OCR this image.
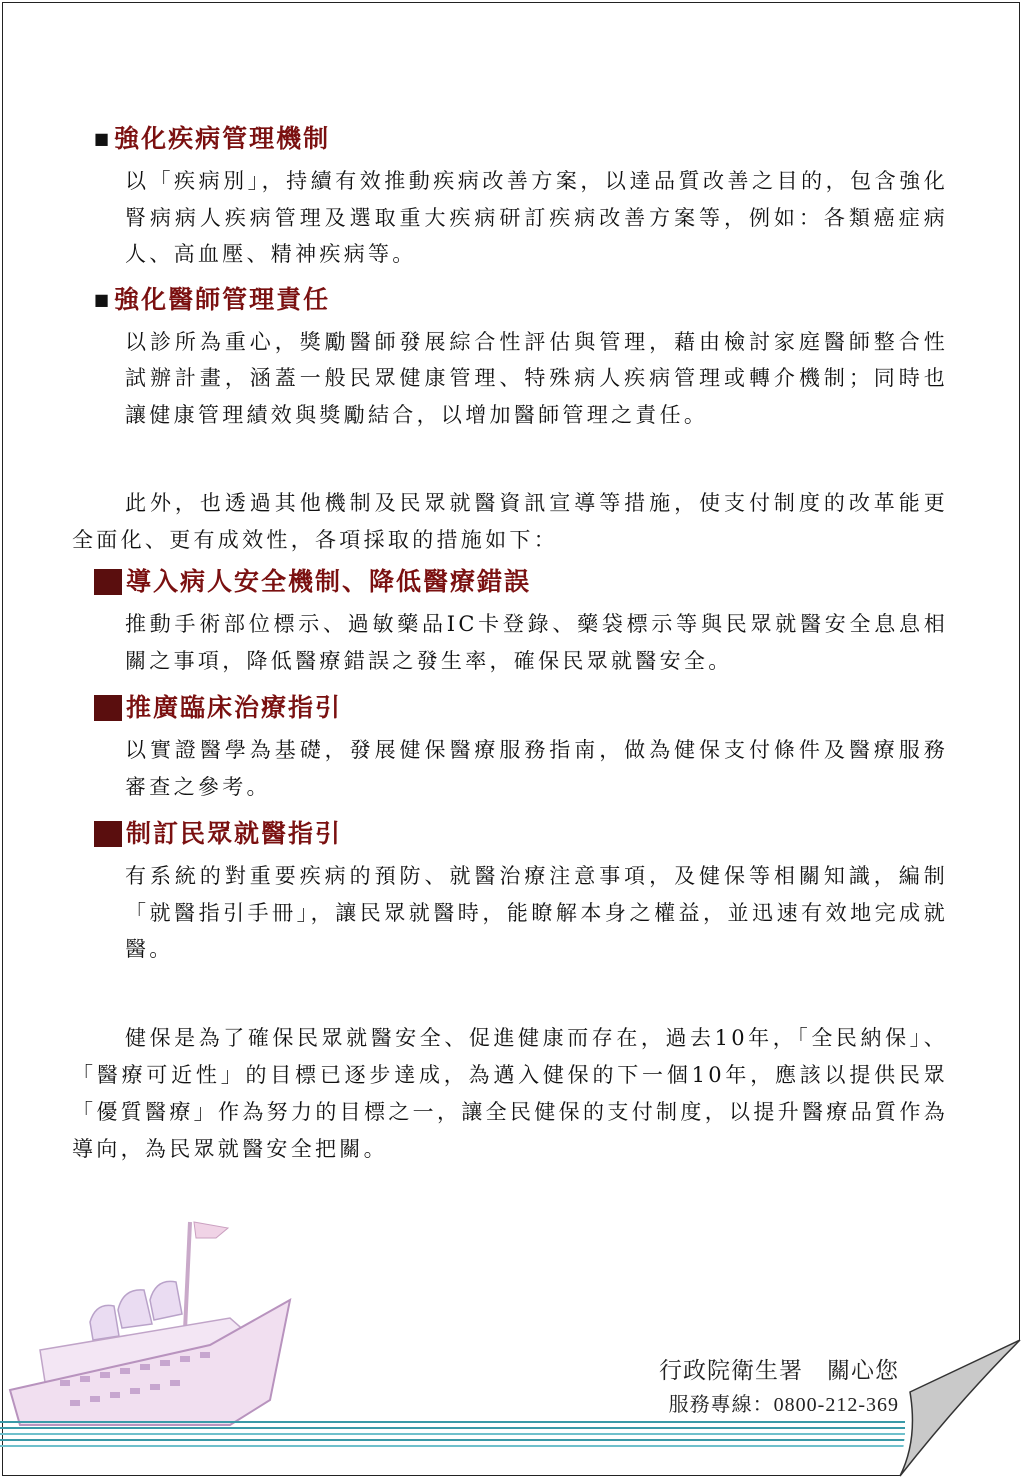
■ 強化疾病管理機制
以「疾病別」，持續有效推動疾病改善方案，以達品質改善之目的，包含強化腎病病人疾病管理及選取重大疾病研訂疾病改善方案等，例如：各類癌症病人、高血壓、精神疾病等。
■ 強化醫師管理責任
以診所為重心，獎勵醫師發展綜合性評估與管理，藉由檢討家庭醫師整合性試辦計畫，涵蓋一般民眾健康管理、特殊病人疾病管理或轉介機制；同時也讓健康管理績效與獎勵結合，以增加醫師管理之責任。
此外，也透過其他機制及民眾就醫資訊宣導等措施，使支付制度的改革能更全面化、更有成效性，各項採取的措施如下：
導入病人安全機制、降低醫療錯誤
推動手術部位標示、過敏藥品IC卡登錄、藥袋標示等與民眾就醫安全息息相關之事項，降低醫療錯誤之發生率，確保民眾就醫安全。
推廣臨床治療指引
以實證醫學為基礎，發展健保醫療服務指南，做為健保支付條件及醫療服務審查之參考。
制訂民眾就醫指引
有系統的對重要疾病的預防、就醫治療注意事項，及健保等相關知識，編制「就醫指引手冊」，讓民眾就醫時，能瞭解本身之權益，並迅速有效地完成就醫。
健保是為了確保民眾就醫安全、促進健康而存在，過去10年，「全民納保」、「醫療可近性」的目標已逐步達成，為邁入健保的下一個10年，應該以提供民眾「優質醫療」作為努力的目標之一，讓全民健保的支付制度，以提升醫療品質作為導向，為民眾就醫安全把關。
行政院衛生署　關心您
服務專線：0800-212-369
